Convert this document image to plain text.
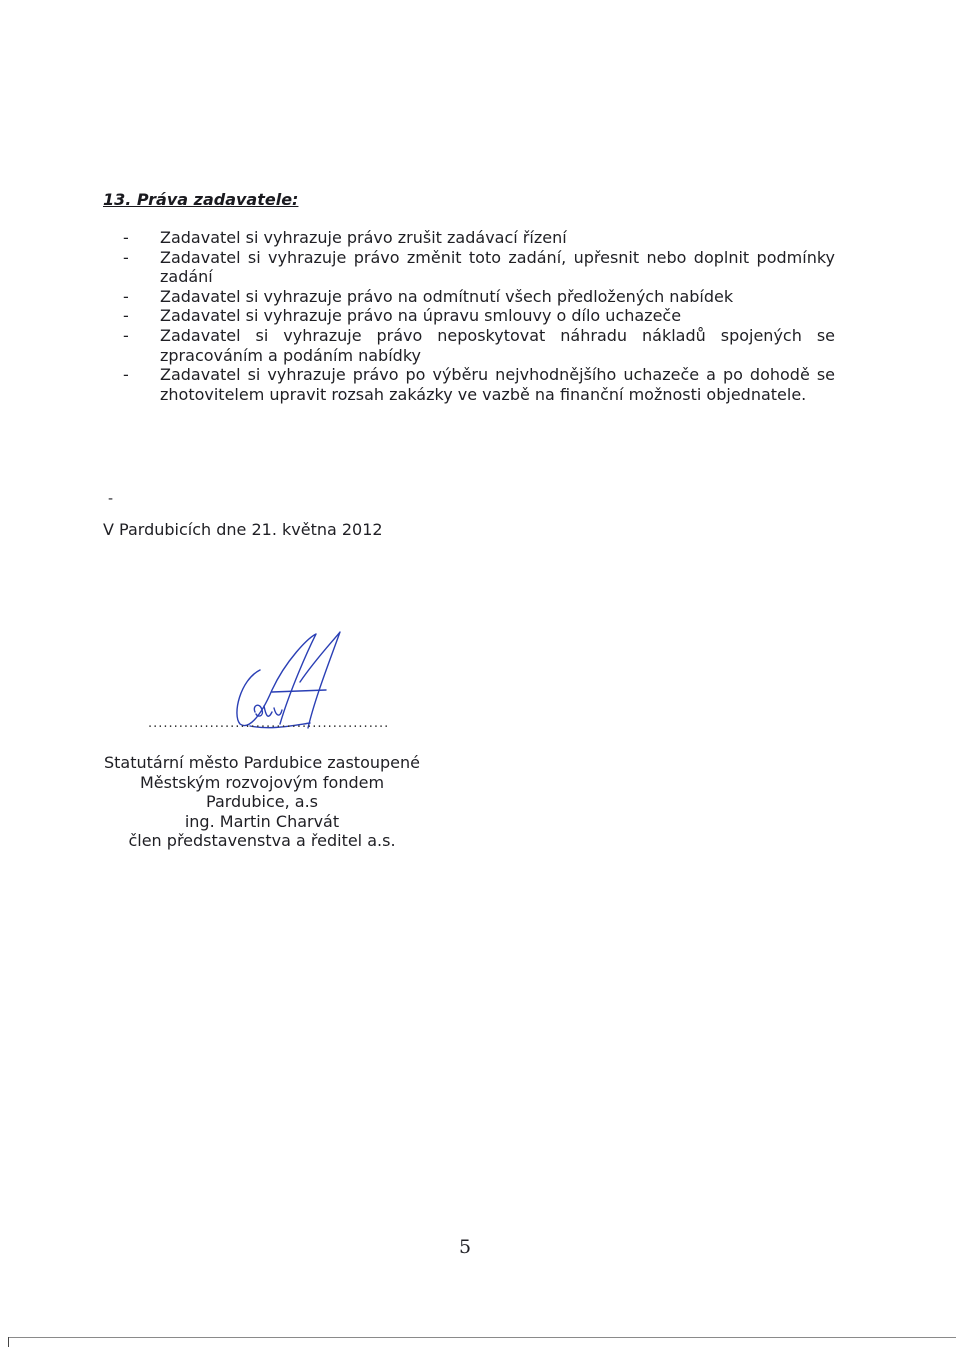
13. Práva zadavatele:
-	Zadavatel si vyhrazuje právo zrušit zadávací řízení
-	Zadavatel si vyhrazuje právo změnit toto zadání, upřesnit nebo doplnit podmínky zadání
-	Zadavatel si vyhrazuje právo na odmítnutí všech předložených nabídek
-	Zadavatel si vyhrazuje právo na úpravu smlouvy o dílo uchazeče
-	Zadavatel si vyhrazuje právo neposkytovat náhradu nákladů spojených se zpracováním a podáním nabídky
-	Zadavatel si vyhrazuje právo po výběru nejvhodnějšího uchazeče a po dohodě se zhotovitelem upravit rozsah zakázky ve vazbě na finanční možnosti objednatele.
-
V Pardubicích dne 21. května 2012
...............................................
Statutární město Pardubice zastoupené
Městským rozvojovým fondem
Pardubice, a.s
ing. Martin Charvát
člen představenstva a ředitel a.s.
5
